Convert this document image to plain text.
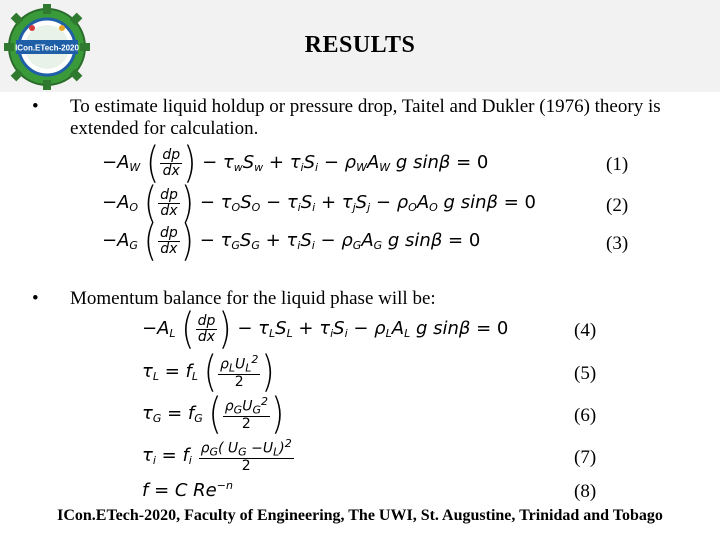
ICon.ETech-2020	RESULTS
• To estimate liquid holdup or pressure drop, Taitel and Dukler (1976) theory is extended for calculation.
$-A_W$ ( $\frac{dp}{dx}$ ) − $\tau_wS_w + \tau_iS_i - \rho_WA_W$ g sinβ = 0	(1)
$-A_O$ ( $\frac{dp}{dx}$ ) − $\tau_OS_O - \tau_iS_i + \tau_jS_j - \rho_OA_O$ g sinβ = 0	(2)
$-A_G$ ( $\frac{dp}{dx}$ ) − $\tau_GS_G + \tau_iS_i - \rho_GA_G$ g sinβ = 0	(3)
• Momentum balance for the liquid phase will be:
$-A_L$ ( $\frac{dp}{dx}$ ) − $\tau_LS_L + \tau_iS_i - \rho_LA_L$ g sinβ = 0	(4)
$\tau_L = f_L$ ( $\frac{\rho_LU_L^2}{2}$ )	(5)
$\tau_G = f_G$ ( $\frac{\rho_GU_G^2}{2}$ )	(6)
$\tau_i = f_i \frac{\rho_G( U_G -U_L)^2}{2}$	(7)
f = C $Re^{-n}$	(8)
ICon.ETech-2020, Faculty of Engineering, The UWI, St. Augustine, Trinidad and Tobago
